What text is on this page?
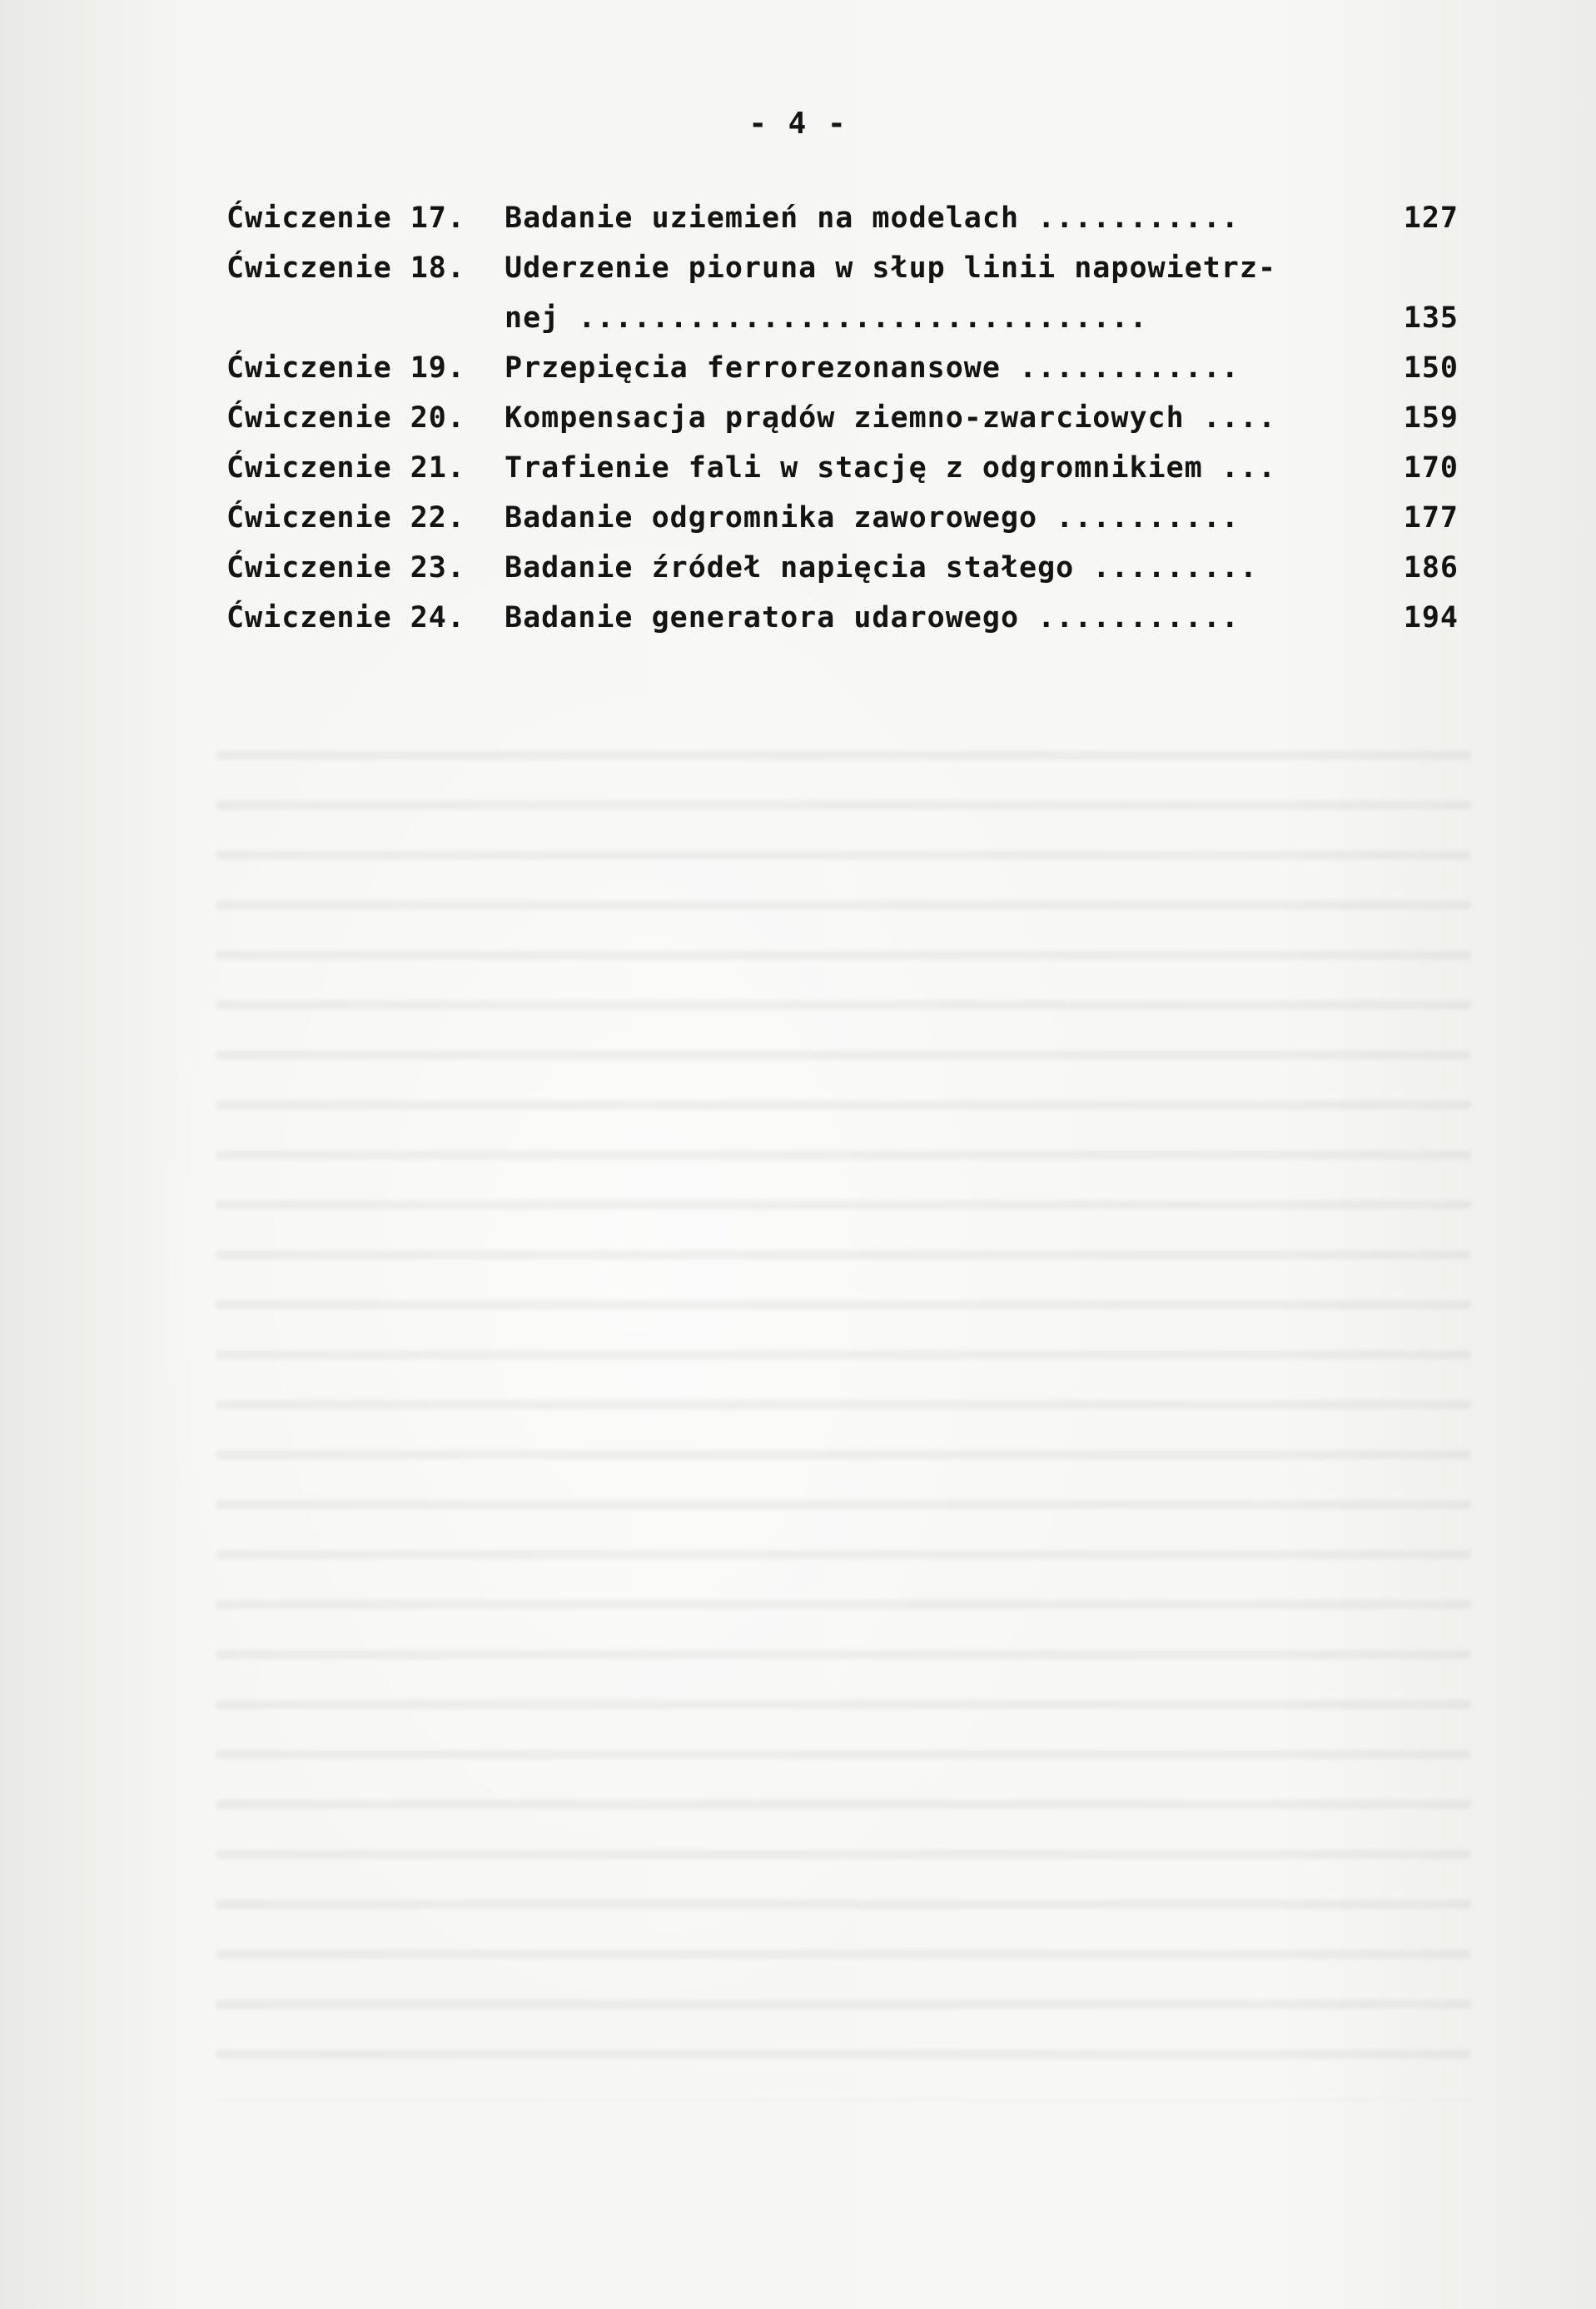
- 4 -
Ćwiczenie 17. Badanie uziemień na modelach ...........	127
Ćwiczenie 18. Uderzenie pioruna w słup linii napowietrz-
nej ...............................	135
Ćwiczenie 19. Przepięcia ferrorezonansowe ............	150
Ćwiczenie 20. Kompensacja prądów ziemno-zwarciowych ....	159
Ćwiczenie 21. Trafienie fali w stację z odgromnikiem ...	170
Ćwiczenie 22. Badanie odgromnika zaworowego ..........	177
Ćwiczenie 23. Badanie źródeł napięcia stałego .........	186
Ćwiczenie 24. Badanie generatora udarowego ...........	194
